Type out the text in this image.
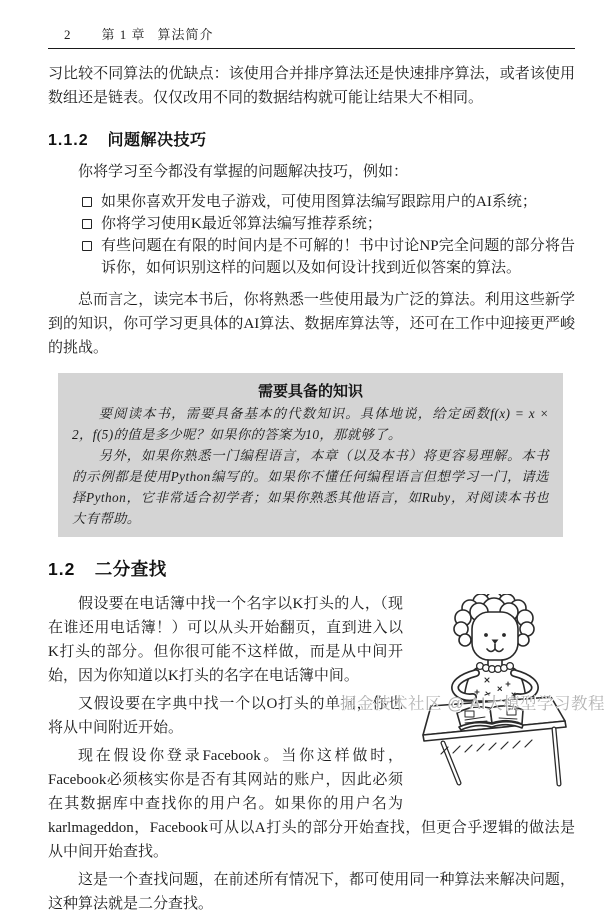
2 第 1 章 算法简介

习比较不同算法的优缺点：该使用合并排序算法还是快速排序算法，或者该使用数组还是链表。仅仅改用不同的数据结构就可能让结果大不相同。

1.1.2 问题解决技巧

你将学习至今都没有掌握的问题解决技巧，例如：

如果你喜欢开发电子游戏，可使用图算法编写跟踪用户的AI系统；
你将学习使用K最近邻算法编写推荐系统；
有些问题在有限的时间内是不可解的！书中讨论NP完全问题的部分将告诉你，如何识别这样的问题以及如何设计找到近似答案的算法。

总而言之，读完本书后，你将熟悉一些使用最为广泛的算法。利用这些新学到的知识，你可学习更具体的AI算法、数据库算法等，还可在工作中迎接更严峻的挑战。

需要具备的知识

要阅读本书，需要具备基本的代数知识。具体地说，给定函数f(x) = x × 2，f(5)的值是多少呢？如果你的答案为10，那就够了。

另外，如果你熟悉一门编程语言，本章（以及本书）将更容易理解。本书的示例都是使用Python编写的。如果你不懂任何编程语言但想学习一门，请选择Python，它非常适合初学者；如果你熟悉其他语言，如Ruby，对阅读本书也大有帮助。

1.2 二分查找

假设要在电话簿中找一个名字以K打头的人，（现在谁还用电话簿！）可以从头开始翻页，直到进入以K打头的部分。但你很可能不这样做，而是从中间开始，因为你知道以K打头的名字在电话簿中间。

又假设要在字典中找一个以O打头的单词，你也将从中间附近开始。

现在假设你登录Facebook。当你这样做时，Facebook必须核实你是否有其网站的账户，因此必须在其数据库中查找你的用户名。如果你的用户名为karlmageddon，Facebook可从以A打头的部分开始查找，但更合乎逻辑的做法是从中间开始查找。

这是一个查找问题，在前述所有情况下，都可使用同一种算法来解决问题，这种算法就是二分查找。

掘金技术社区 @ AI大模型学习教程
